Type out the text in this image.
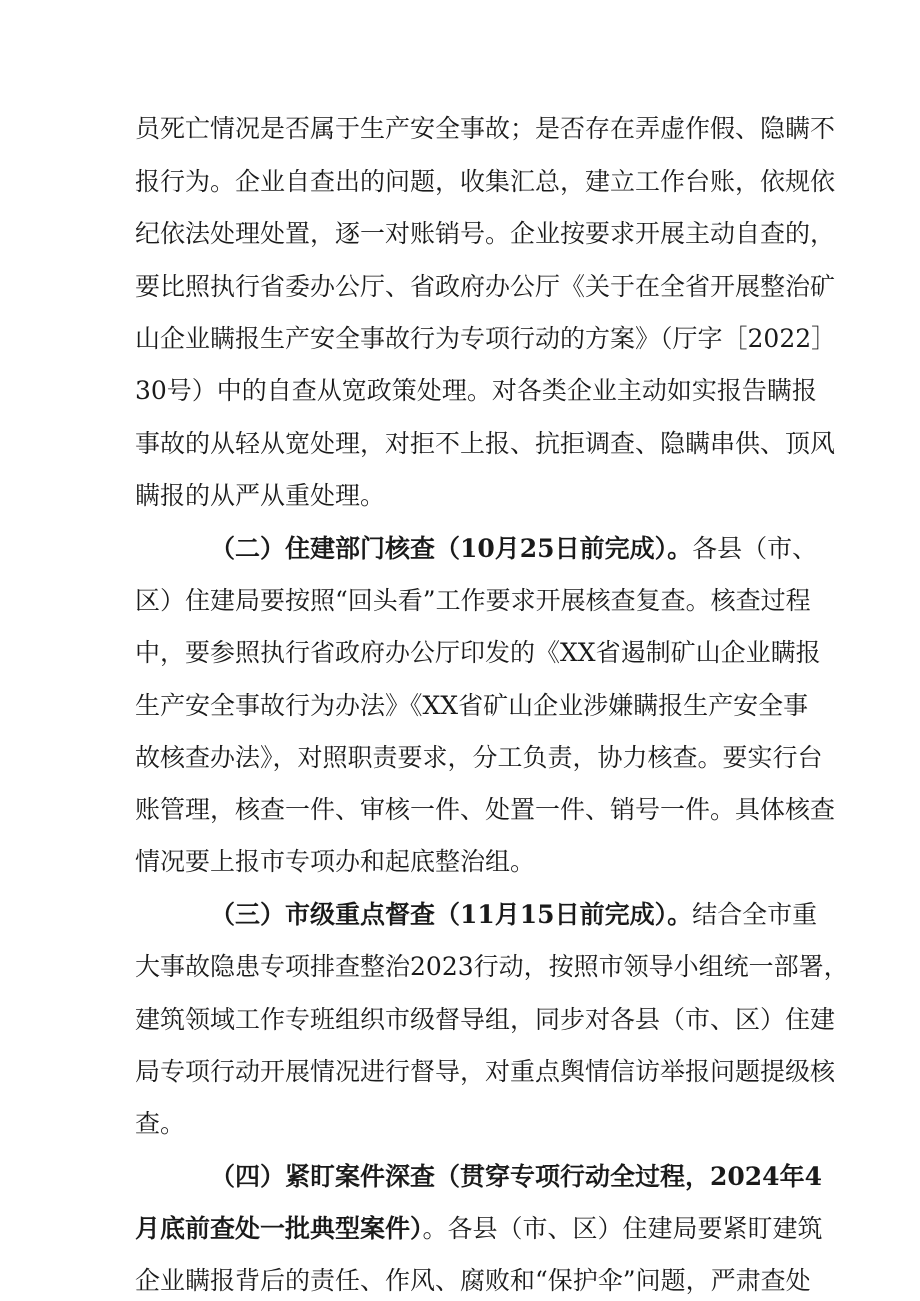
员死亡情况是否属于生产安全事故；是否存在弄虚作假、隐瞒不
报行为。企业自查出的问题，收集汇总，建立工作台账，依规依
纪依法处理处置，逐一对账销号。企业按要求开展主动自查的，
要比照执行省委办公厅、省政府办公厅《关于在全省开展整治矿
山企业瞒报生产安全事故行为专项行动的方案》（厅字［2022］
30号）中的自查从宽政策处理。对各类企业主动如实报告瞒报
事故的从轻从宽处理，对拒不上报、抗拒调查、隐瞒串供、顶风
瞒报的从严从重处理。
（二）住建部门核查（10月25日前完成）。各县（市、
区）住建局要按照“回头看”工作要求开展核查复查。核查过程
中，要参照执行省政府办公厅印发的《XX省遏制矿山企业瞒报
生产安全事故行为办法》《XX省矿山企业涉嫌瞒报生产安全事
故核查办法》，对照职责要求，分工负责，协力核查。要实行台
账管理，核查一件、审核一件、处置一件、销号一件。具体核查
情况要上报市专项办和起底整治组。
（三）市级重点督查（11月15日前完成）。结合全市重
大事故隐患专项排查整治2023行动，按照市领导小组统一部署，
建筑领域工作专班组织市级督导组，同步对各县（市、区）住建
局专项行动开展情况进行督导，对重点舆情信访举报问题提级核
查。
（四）紧盯案件深查（贯穿专项行动全过程，2024年4
月底前查处一批典型案件）。各县（市、区）住建局要紧盯建筑
企业瞒报背后的责任、作风、腐败和“保护伞”问题，严肃查处
